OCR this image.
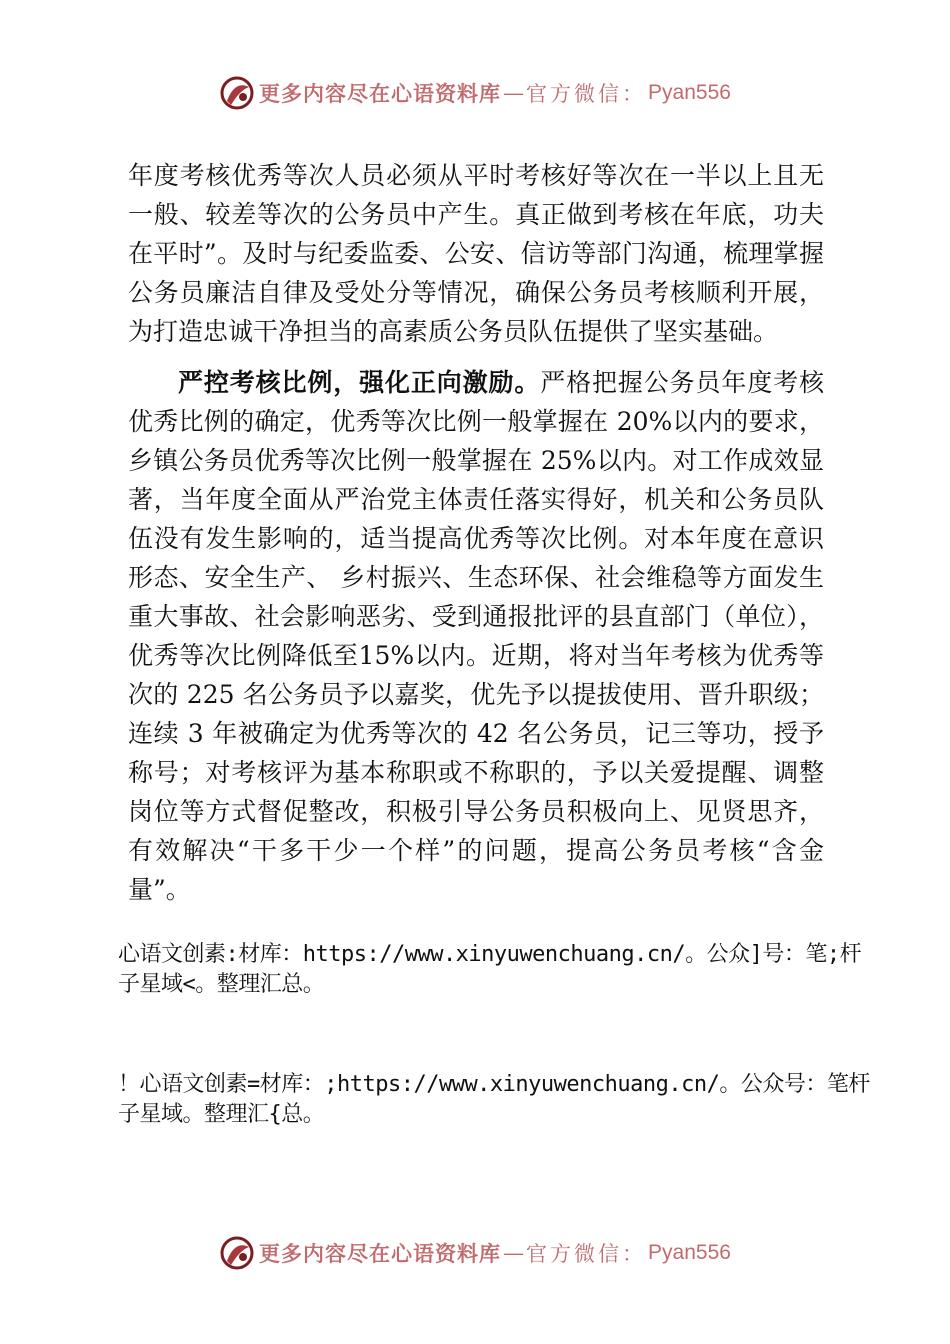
更多内容尽在心语资料库 — 官方微信： Pyan556

年度考核优秀等次人员必须从平时考核好等次在一半以上且无一般、较差等次的公务员中产生。真正做到考核在年底，功夫在平时”。及时与纪委监委、公安、信访等部门沟通，梳理掌握公务员廉洁自律及受处分等情况，确保公务员考核顺利开展，为打造忠诚干净担当的高素质公务员队伍提供了坚实基础。

严控考核比例，强化正向激励。严格把握公务员年度考核优秀比例的确定，优秀等次比例一般掌握在 20%以内的要求，乡镇公务员优秀等次比例一般掌握在 25%以内。对工作成效显著，当年度全面从严治党主体责任落实得好，机关和公务员队伍没有发生影响的，适当提高优秀等次比例。对本年度在意识形态、安全生产、 乡村振兴、生态环保、社会维稳等方面发生重大事故、社会影响恶劣、受到通报批评的县直部门（单位），优秀等次比例降低至15%以内。近期，将对当年考核为优秀等次的 225 名公务员予以嘉奖，优先予以提拔使用、晋升职级；连续 3 年被确定为优秀等次的 42 名公务员，记三等功，授予称号；对考核评为基本称职或不称职的，予以关爱提醒、调整岗位等方式督促整改，积极引导公务员积极向上、见贤思齐，有效解决“干多干少一个样”的问题，提高公务员考核“含金量”。

心语文创素:材库：https://www.xinyuwenchuang.cn/。公众]号：笔;杆子星域<。整理汇总。
！心语文创素=材库：;https://www.xinyuwenchuang.cn/。公众号：笔杆子星域。整理汇{总。
更多内容尽在心语资料库 — 官方微信： Pyan556
